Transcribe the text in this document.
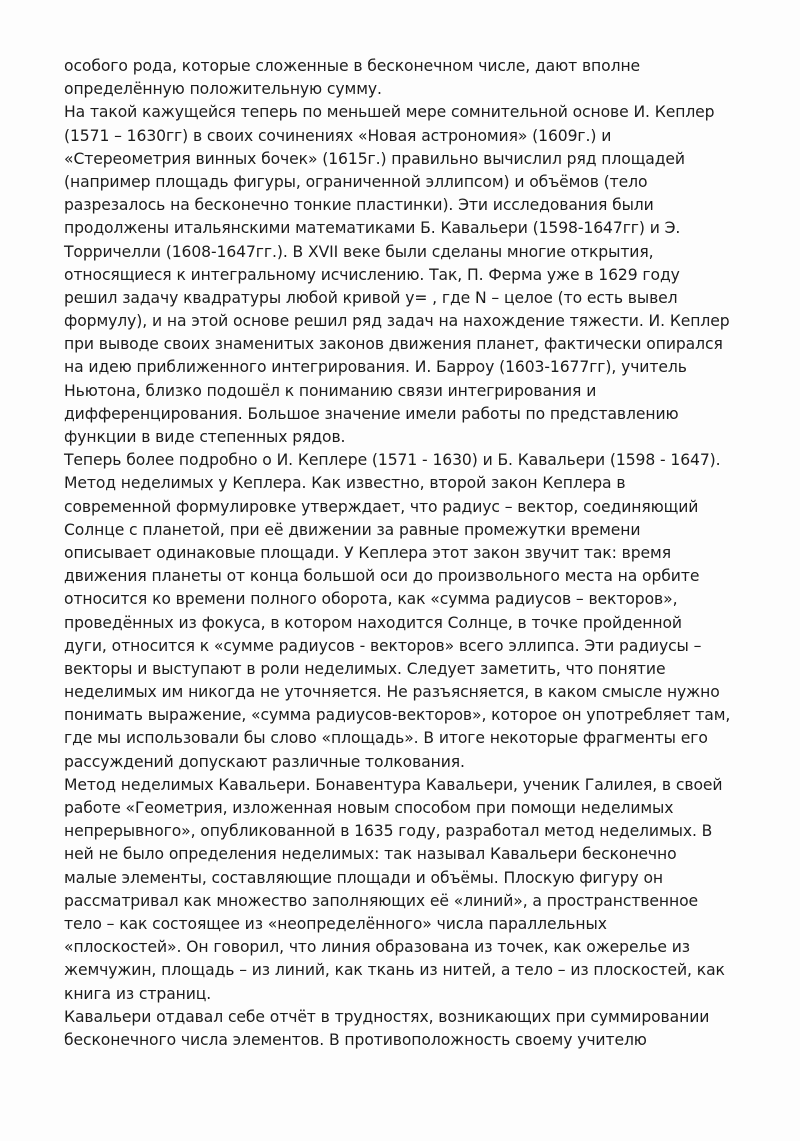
особого рода, которые сложенные в бесконечном числе, дают вполне
определённую положительную сумму.
На такой кажущейся теперь по меньшей мере сомнительной основе И. Кеплер
(1571 – 1630гг) в своих сочинениях «Новая астрономия» (1609г.) и
«Стереометрия винных бочек» (1615г.) правильно вычислил ряд площадей
(например площадь фигуры, ограниченной эллипсом) и объёмов (тело
разрезалось на бесконечно тонкие пластинки). Эти исследования были
продолжены итальянскими математиками Б. Кавальери (1598-1647гг) и Э.
Торричелли (1608-1647гг.). В XVII веке были сделаны многие открытия,
относящиеся к интегральному исчислению. Так, П. Ферма уже в 1629 году
решил задачу квадратуры любой кривой y= , где N – целое (то есть вывел
формулу), и на этой основе решил ряд задач на нахождение тяжести. И. Кеплер
при выводе своих знаменитых законов движения планет, фактически опирался
на идею приближенного интегрирования. И. Барроу (1603-1677гг), учитель
Ньютона, близко подошёл к пониманию связи интегрирования и
дифференцирования. Большое значение имели работы по представлению
функции в виде степенных рядов.
Теперь более подробно о И. Кеплере (1571 - 1630) и Б. Кавальери (1598 - 1647).
Метод неделимых у Кеплера. Как известно, второй закон Кеплера в
современной формулировке утверждает, что радиус – вектор, соединяющий
Солнце с планетой, при её движении за равные промежутки времени
описывает одинаковые площади. У Кеплера этот закон звучит так: время
движения планеты от конца большой оси до произвольного места на орбите
относится ко времени полного оборота, как «сумма радиусов – векторов»,
проведённых из фокуса, в котором находится Солнце, в точке пройденной
дуги, относится к «сумме радиусов - векторов» всего эллипса. Эти радиусы –
векторы и выступают в роли неделимых. Следует заметить, что понятие
неделимых им никогда не уточняется. Не разъясняется, в каком смысле нужно
понимать выражение, «сумма радиусов-векторов», которое он употребляет там,
где мы использовали бы слово «площадь». В итоге некоторые фрагменты его
рассуждений допускают различные толкования.
Метод неделимых Кавальери. Бонавентура Кавальери, ученик Галилея, в своей
работе «Геометрия, изложенная новым способом при помощи неделимых
непрерывного», опубликованной в 1635 году, разработал метод неделимых. В
ней не было определения неделимых: так называл Кавальери бесконечно
малые элементы, составляющие площади и объёмы. Плоскую фигуру он
рассматривал как множество заполняющих её «линий», а пространственное
тело – как состоящее из «неопределённого» числа параллельных
«плоскостей». Он говорил, что линия образована из точек, как ожерелье из
жемчужин, площадь – из линий, как ткань из нитей, а тело – из плоскостей, как
книга из страниц.
Кавальери отдавал себе отчёт в трудностях, возникающих при суммировании
бесконечного числа элементов. В противоположность своему учителю
